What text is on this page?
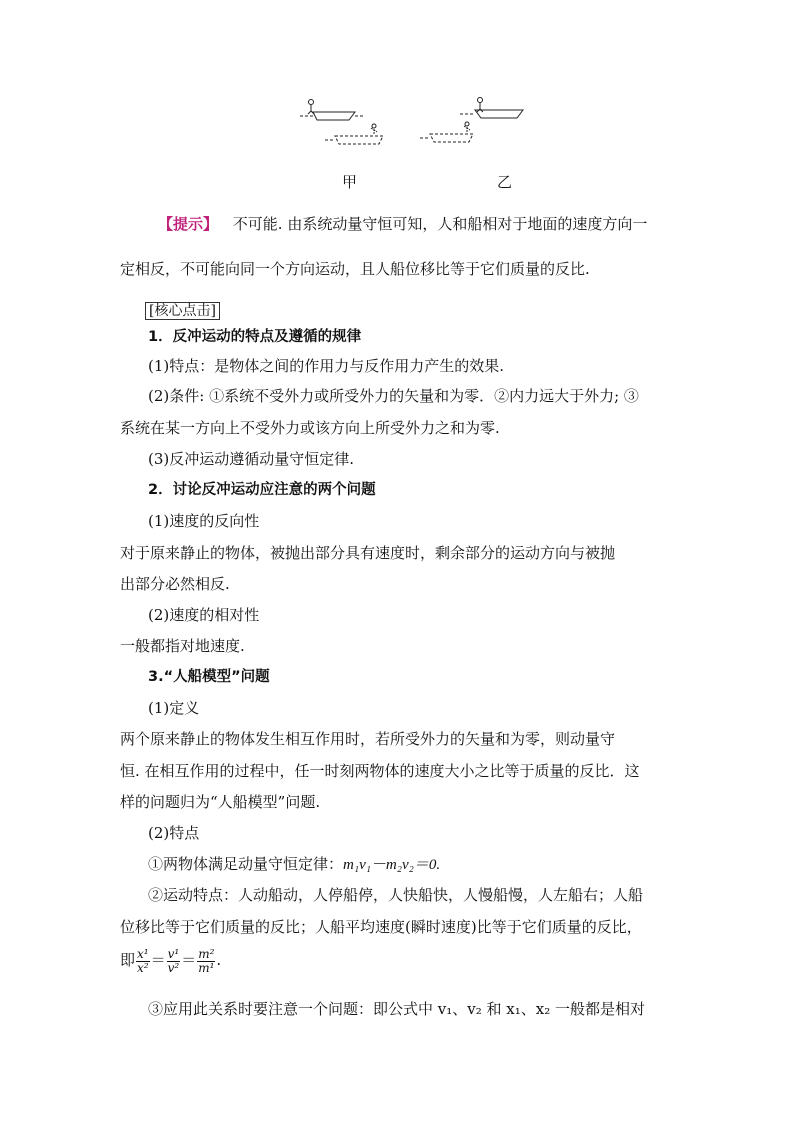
甲	乙
【提示】 不可能. 由系统动量守恒可知，人和船相对于地面的速度方向一
定相反，不可能向同一个方向运动，且人船位移比等于它们质量的反比.
[核心点击]
1．反冲运动的特点及遵循的规律
(1)特点：是物体之间的作用力与反作用力产生的效果.
(2)条件: ①系统不受外力或所受外力的矢量和为零．②内力远大于外力; ③
系统在某一方向上不受外力或该方向上所受外力之和为零.
(3)反冲运动遵循动量守恒定律.
2．讨论反冲运动应注意的两个问题
(1)速度的反向性
对于原来静止的物体，被抛出部分具有速度时，剩余部分的运动方向与被抛
出部分必然相反.
(2)速度的相对性
一般都指对地速度.
3.“人船模型”问题
(1)定义
两个原来静止的物体发生相互作用时，若所受外力的矢量和为零，则动量守
恒. 在相互作用的过程中，任一时刻两物体的速度大小之比等于质量的反比．这
样的问题归为“人船模型”问题.
(2)特点
①两物体满足动量守恒定律：m₁v₁－m₂v₂＝0.
②运动特点：人动船动，人停船停，人快船快，人慢船慢，人左船右；人船
位移比等于它们质量的反比；人船平均速度(瞬时速度)比等于它们质量的反比，
即 $\frac{\text{x¹}}{\text{x²}} = \frac{\text{v¹}}{\text{v²}} = \frac{\text{m²}}{\text{m¹}}$ .
③应用此关系时要注意一个问题：即公式中 v₁、v₂ 和 x₁、x₂ 一般都是相对
